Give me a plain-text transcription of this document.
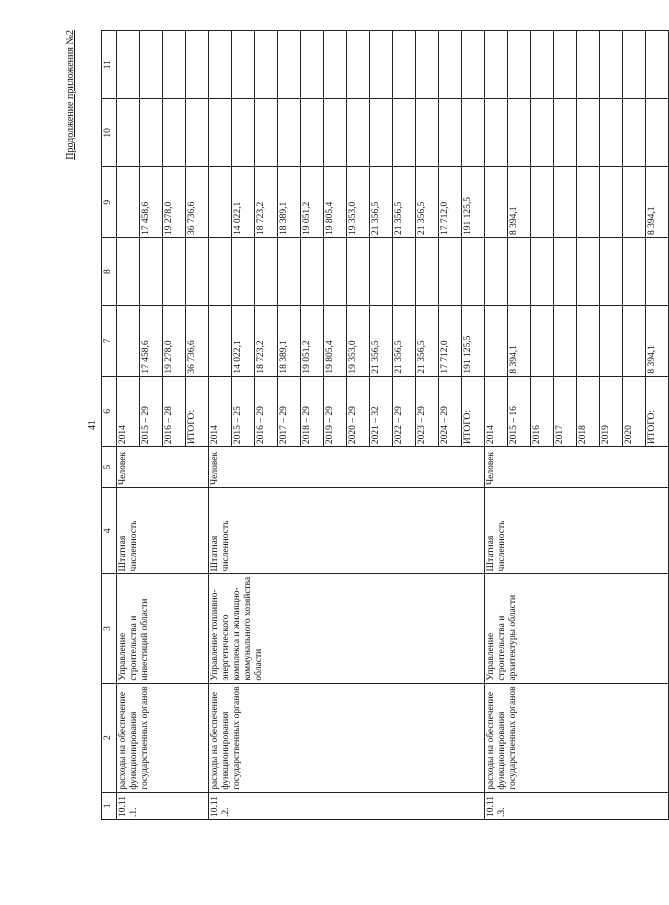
Продолжение приложения №2
41
1	2	3	4	5	6	7	8	9	10	11
10.11.1.	расходы на обеспечение функционирования государственных органов	Управление строительства и инвестиций области	Штатная численность	Человек	2014					
					2015 – 29	17 458,6		17 458,6		
					2016 – 28	19 278,0		19 278,0		
					ИТОГО:	36 736,6		36 736,6		
10.11.2.	расходы на обеспечение функционирования государственных органов	Управление топливно-энергетического комплекса и жилищно-коммунального хозяйства области	Штатная численность	Человек	2014					
					2015 – 25	14 022,1		14 022,1		
					2016 – 29	18 723,2		18 723,2		
					2017 – 29	18 389,1		18 389,1		
					2018 – 29	19 051,2		19 051,2		
					2019 – 29	19 805,4		19 805,4		
					2020 – 29	19 353,0		19 353,0		
					2021 – 32	21 356,5		21 356,5		
					2022 – 29	21 356,5		21 356,5		
					2023 – 29	21 356,5		21 356,5		
					2024 – 29	17 712,0		17 712,0		
					ИТОГО:	191 125,5		191 125,5		
10.11.3.	расходы на обеспечение функционирования государственных органов	Управление строительства и архитектуры области	Штатная численность	Человек	2014					
					2015 – 16	8 394,1		8 394,1		
					2016					
					2017					
					2018					
					2019					
					2020					
					ИТОГО:	8 394,1		8 394,1		
